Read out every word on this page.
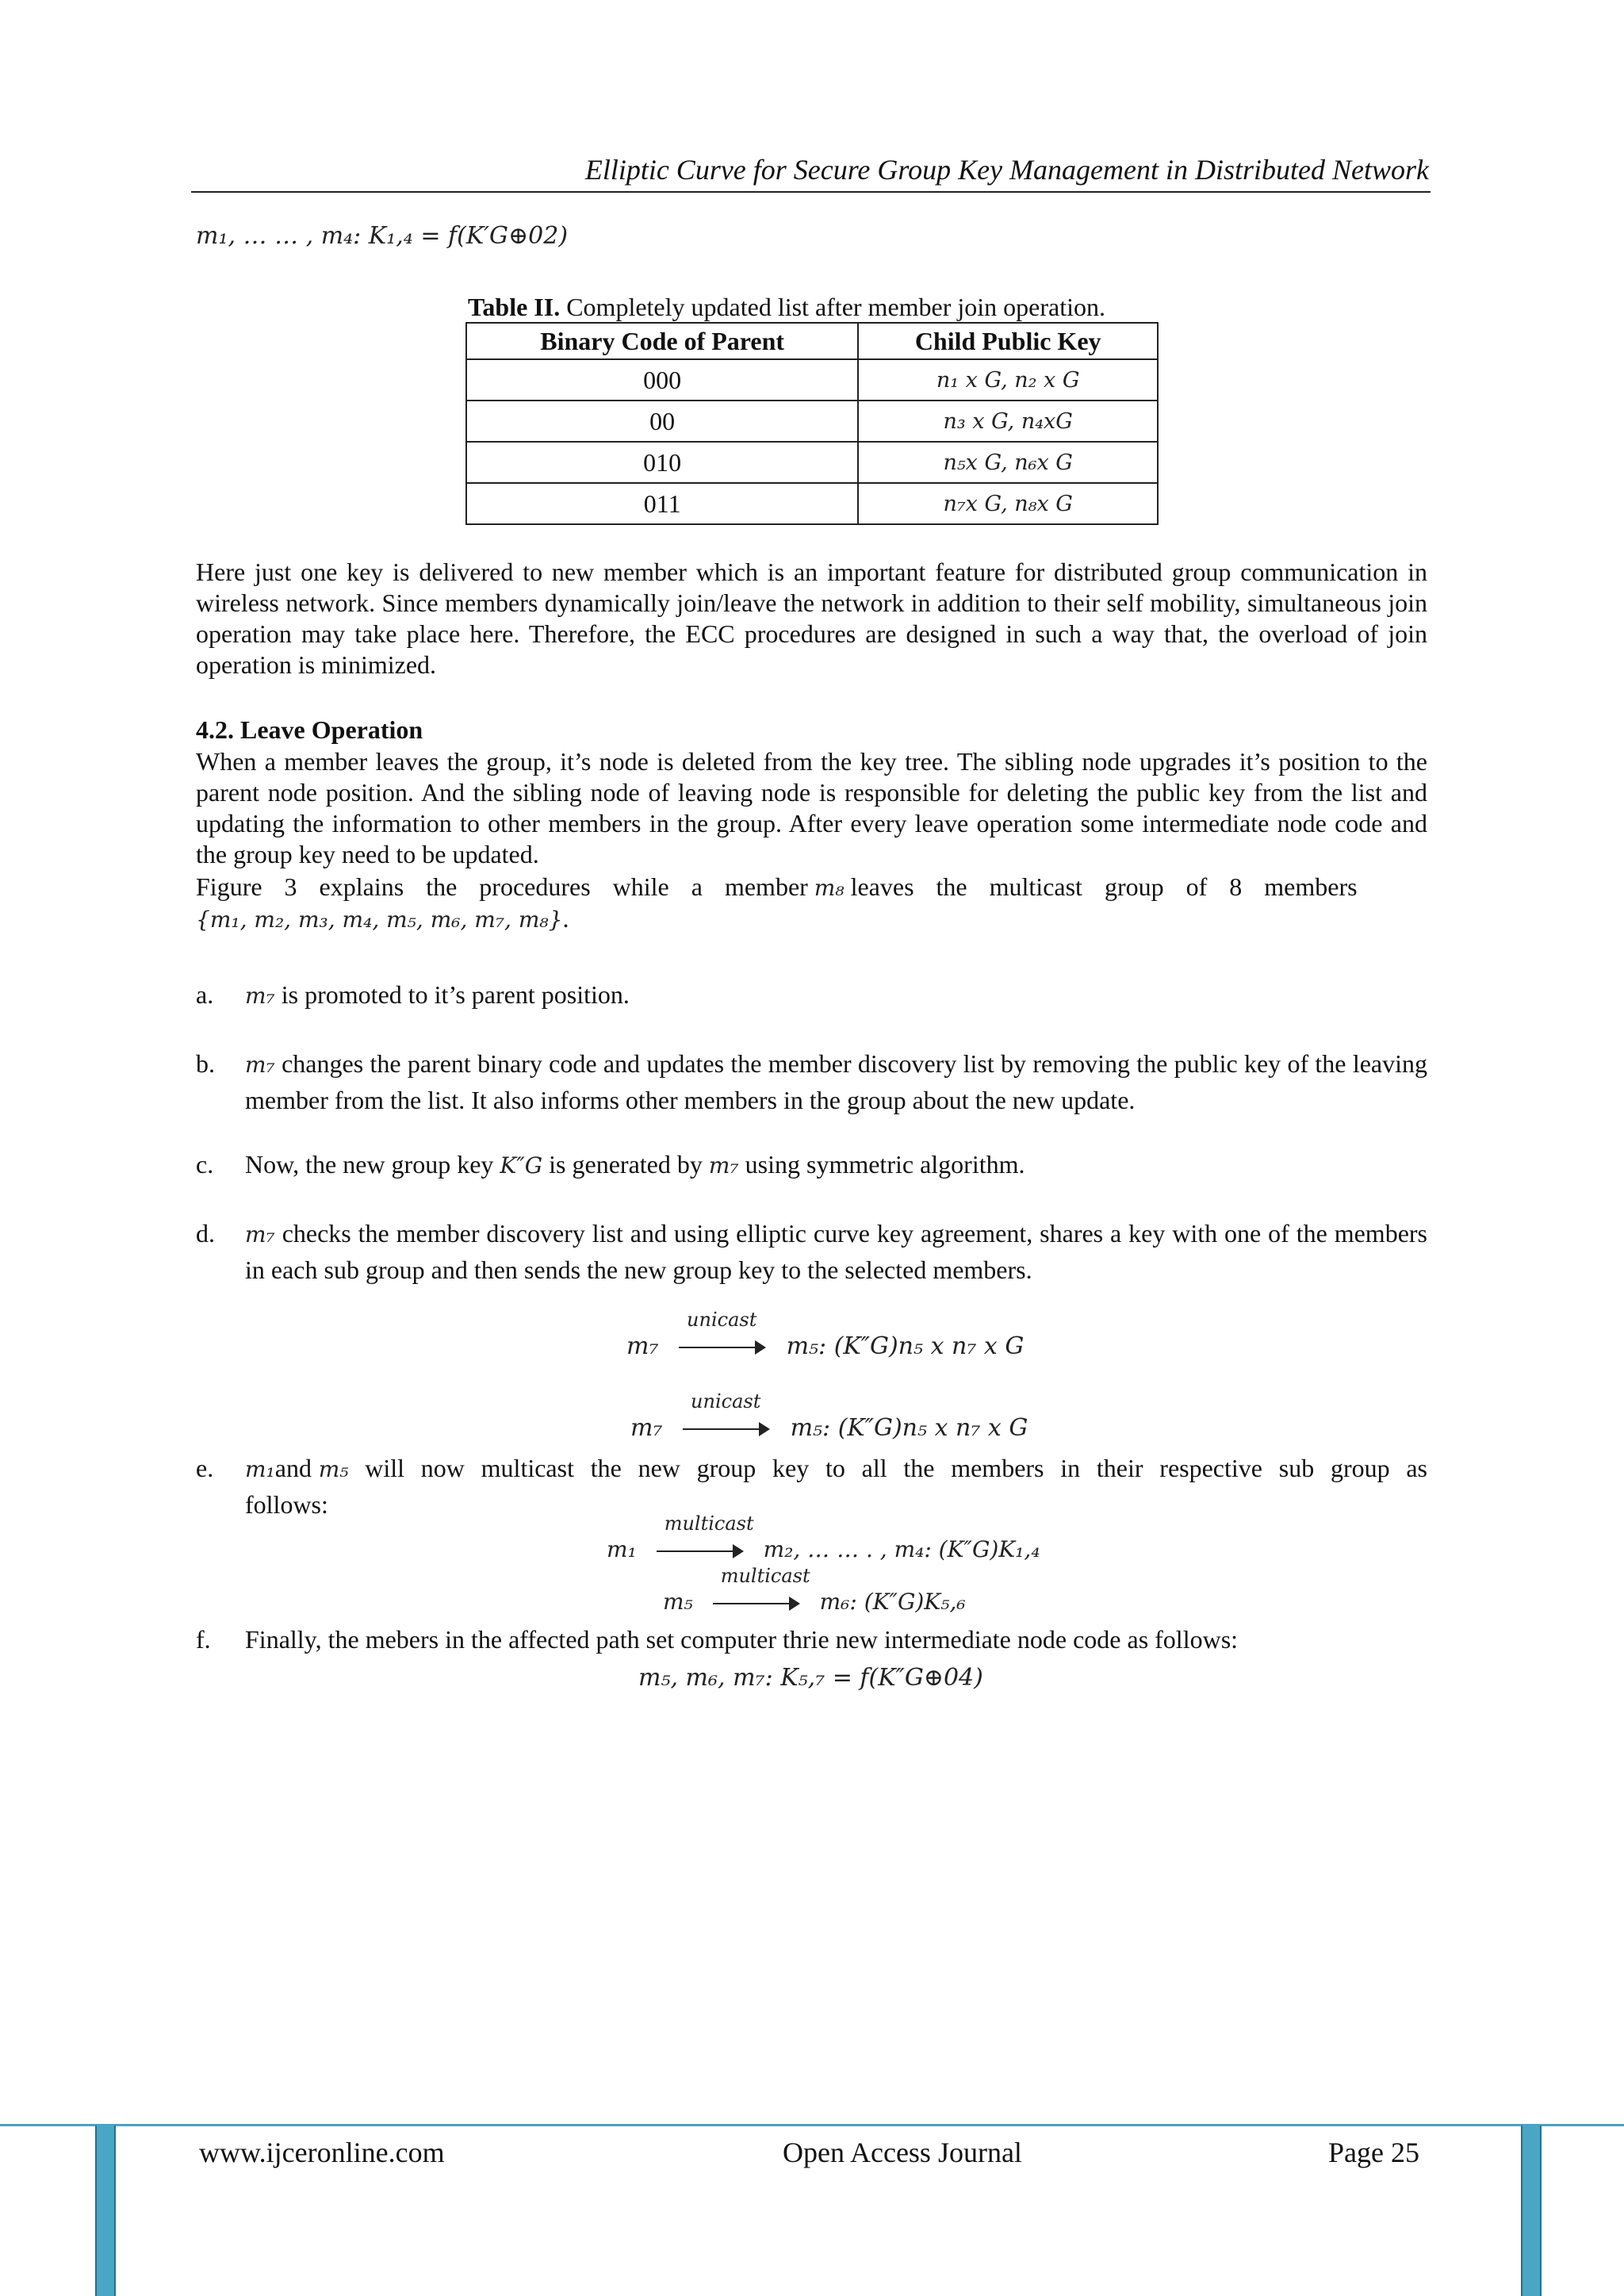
Elliptic Curve for Secure Group Key Management in Distributed Network
m₁, … … , m₄: K₁,₄ = f(K′G⊕02)
Table II. Completely updated list after member join operation.
Binary Code of Parent	Child Public Key
000	n₁ x G, n₂ x G
00	n₃ x G, n₄xG
010	n₅x G, n₆x G
011	n₇x G, n₈x G
Here just one key is delivered to new member which is an important feature for distributed group communication in wireless network. Since members dynamically join/leave the network in addition to their self mobility, simultaneous join operation may take place here. Therefore, the ECC procedures are designed in such a way that, the overload of join operation is minimized.
4.2. Leave Operation
When a member leaves the group, it’s node is deleted from the key tree. The sibling node upgrades it’s position to the parent node position. And the sibling node of leaving node is responsible for deleting the public key from the list and updating the information to other members in the group. After every leave operation some intermediate node code and the group key need to be updated.
Figure 3 explains the procedures while a member m₈ leaves the multicast group of 8 members
{m₁, m₂, m₃, m₄, m₅, m₆, m₇, m₈}.
a. m₇ is promoted to it’s parent position.
b. m₇ changes the parent binary code and updates the member discovery list by removing the public key of the leaving member from the list. It also informs other members in the group about the new update.
c. Now, the new group key K″G is generated by m₇ using symmetric algorithm.
d. m₇ checks the member discovery list and using elliptic curve key agreement, shares a key with one of the members in each sub group and then sends the new group key to the selected members.
m₇
unicast
m₅: (K″G)n₅ x n₇ x G
m₇
unicast
m₅: (K″G)n₅ x n₇ x G
e. m₁and m₅ will now multicast the new group key to all the members in their respective sub group as follows:
m₁
multicast
m₂, … … . , m₄: (K″G)K₁,₄
m₅
multicast
m₆: (K″G)K₅,₆
f. Finally, the mebers in the affected path set computer thrie new intermediate node code as follows:
m₅, m₆, m₇: K₅,₇ = f(K″G⊕04)
www.ijceronline.com	Open Access Journal	Page 25
